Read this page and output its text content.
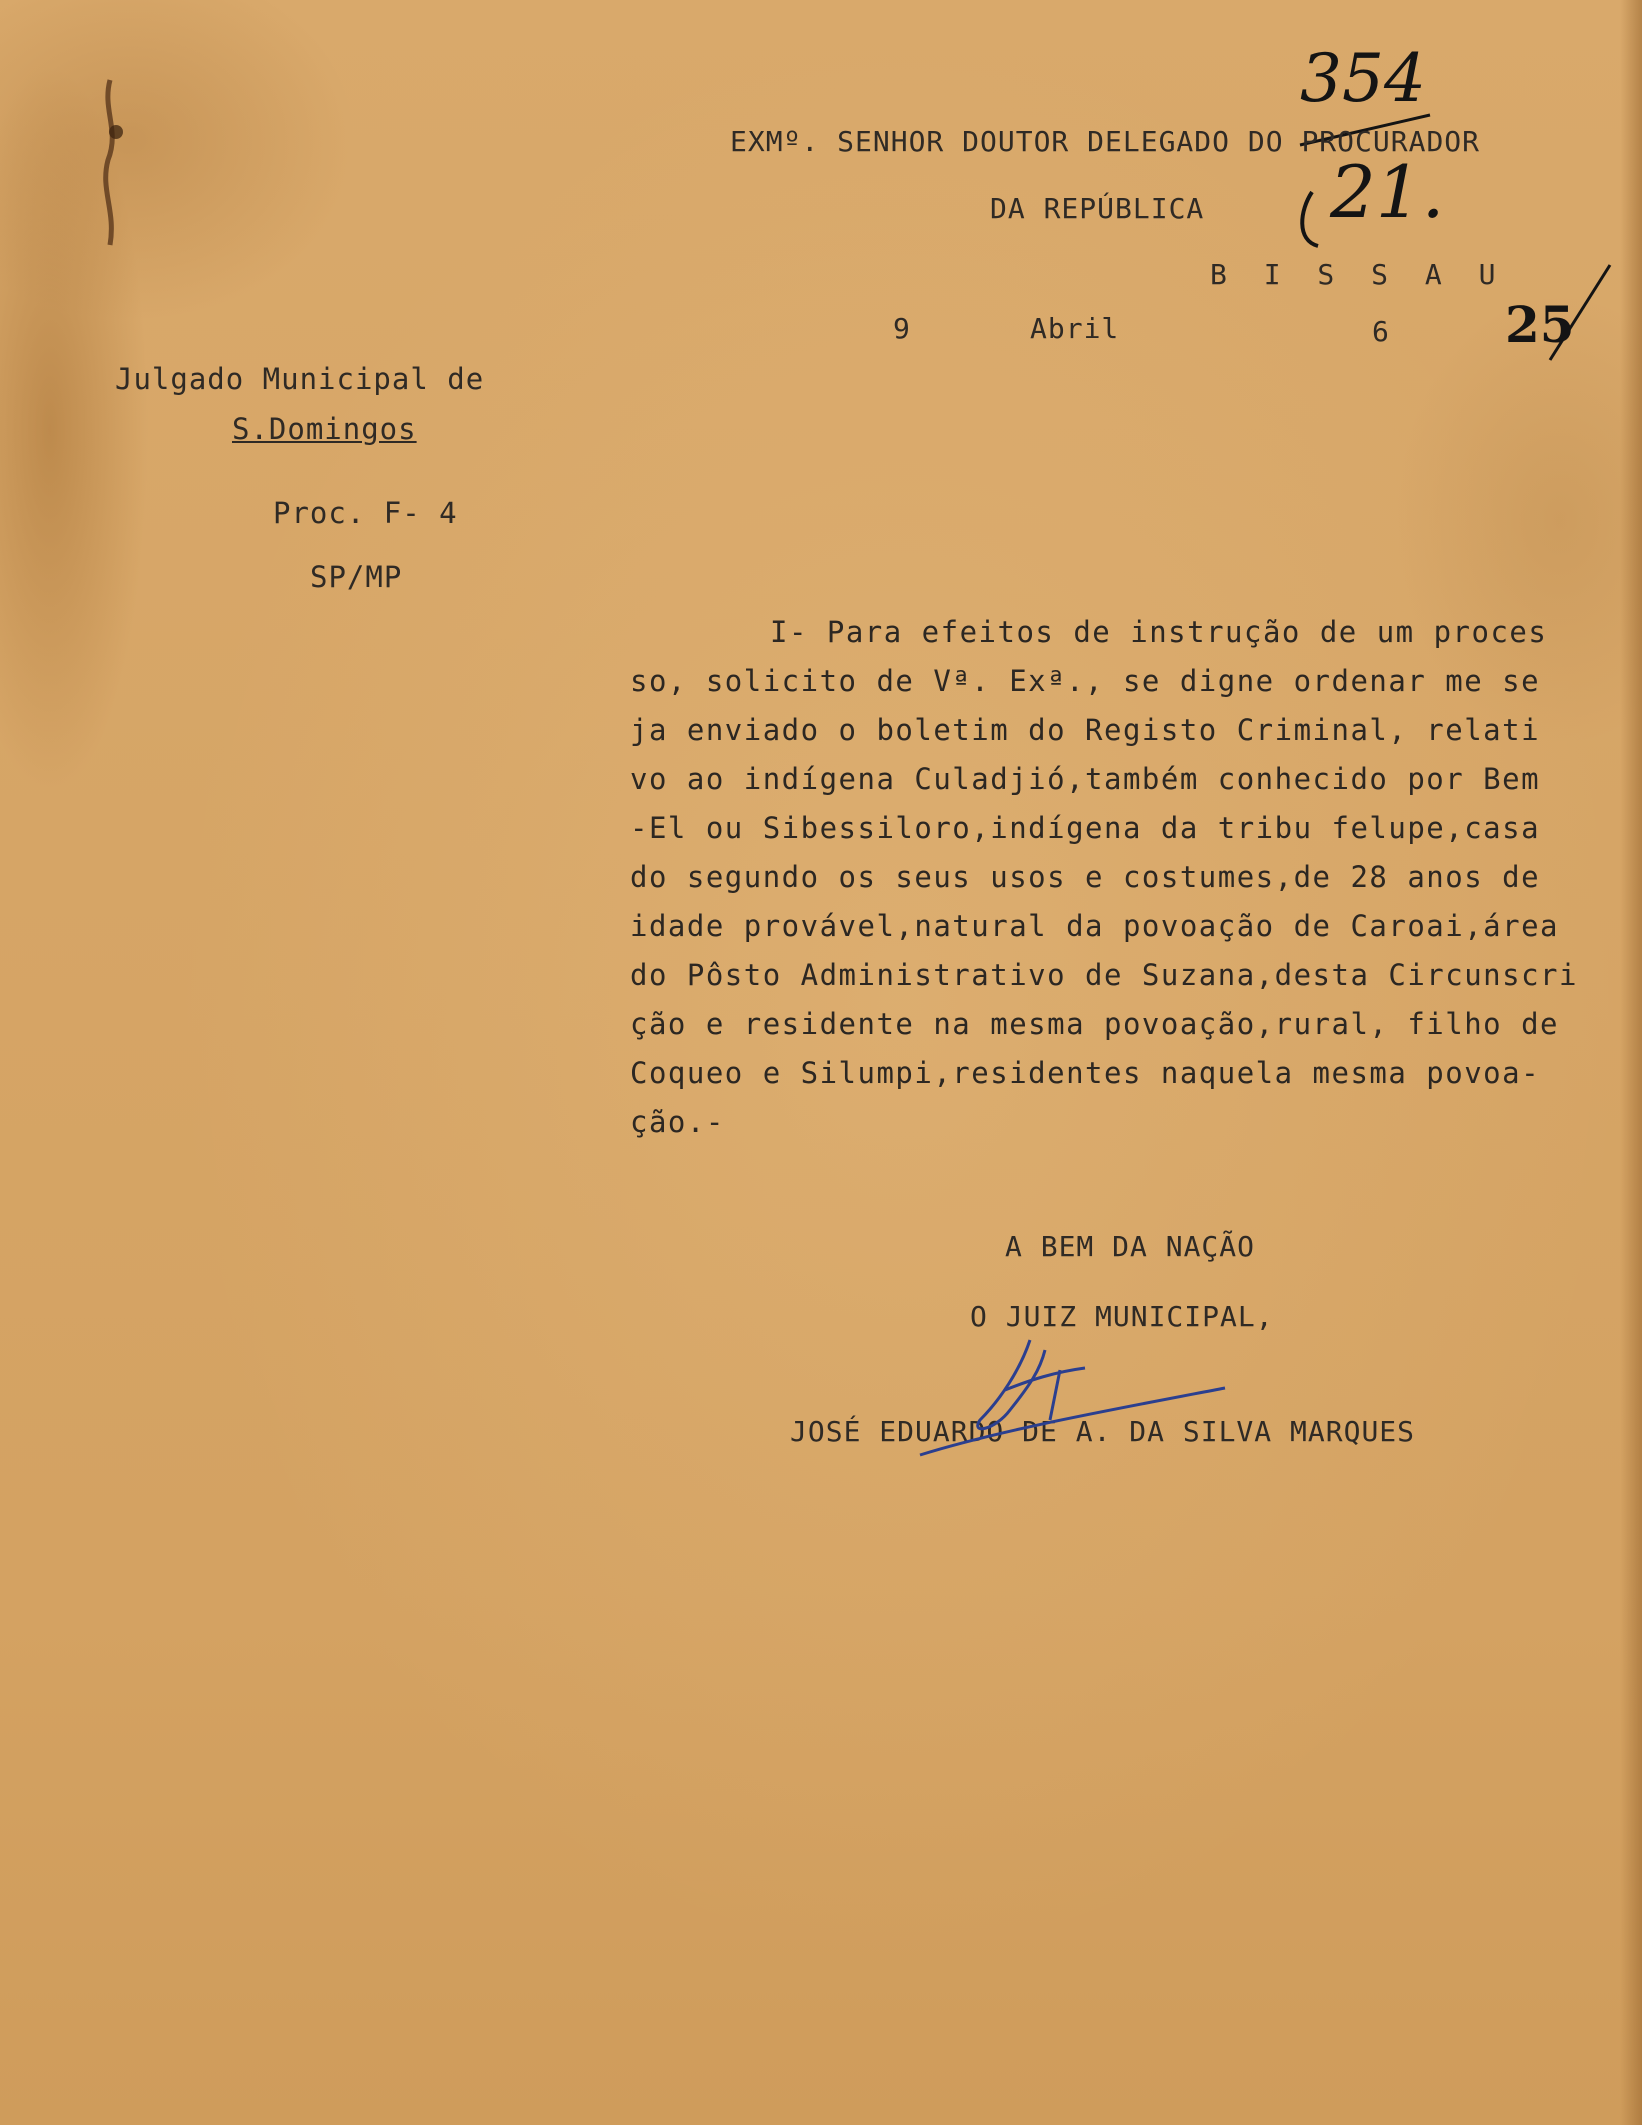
354
21.
25
EXMº. SENHOR DOUTOR DELEGADO DO PROCURADOR
DA REPÚBLICA
B I S S A U
9	Abril	6
Julgado Municipal de
S.Domingos
Proc. F- 4
SP/MP
I- Para efeitos de instrução de um proces
so, solicito de Vª. Exª., se digne ordenar me se
ja enviado o boletim do Registo Criminal, relati
vo ao indígena Culadjió,também conhecido por Bem
-El ou Sibessiloro,indígena da tribu felupe,casa
do segundo os seus usos e costumes,de 28 anos de
idade provável,natural da povoação de Caroai,área
do Pôsto Administrativo de Suzana,desta Circunscri
ção e residente na mesma povoação,rural, filho de
Coqueo e Silumpi,residentes naquela mesma povoa-
ção.-
A BEM DA NAÇÃO
O JUIZ MUNICIPAL,
JOSÉ EDUARDO DE A. DA SILVA MARQUES
